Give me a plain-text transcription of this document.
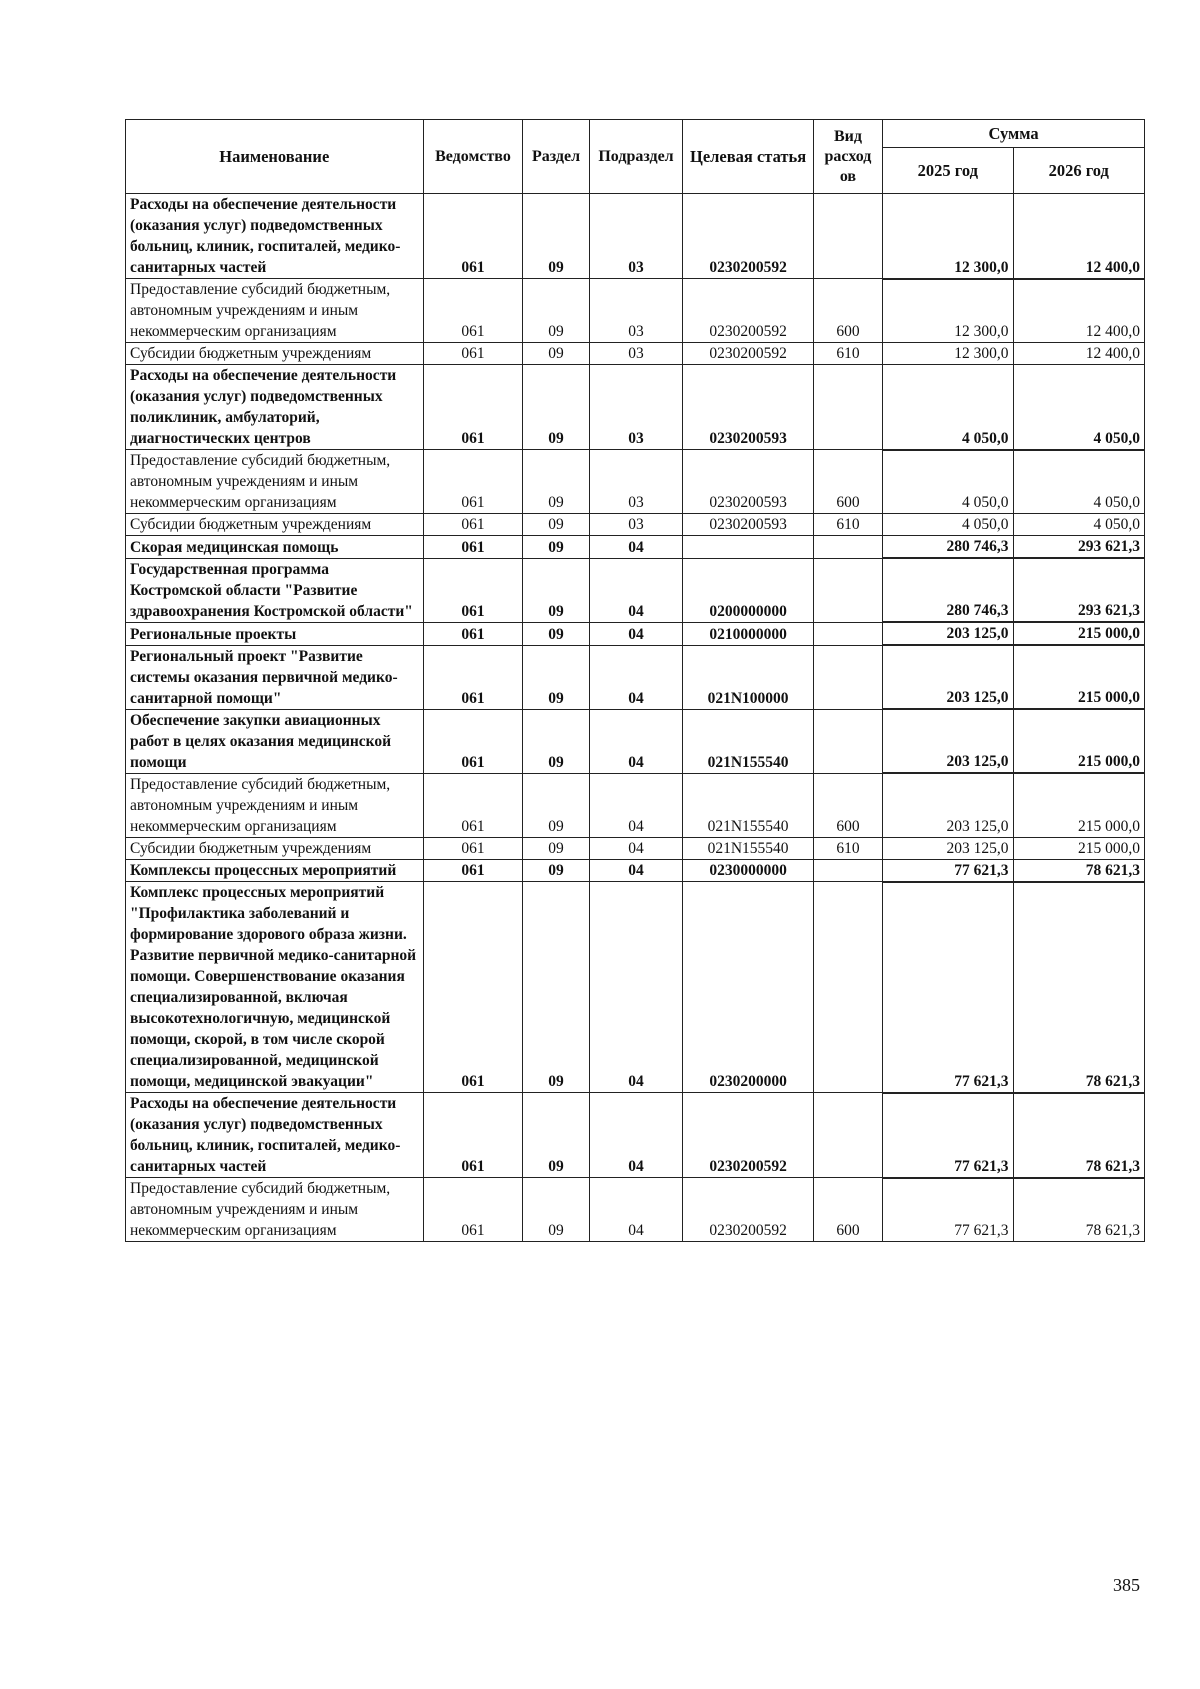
Наименование	Ведомство	Раздел	Подраздел	Целевая статья	Вид расход ов	Сумма	
						2025 год	2026 год
Расходы на обеспечение деятельности (оказания услуг) подведомственных больниц, клиник, госпиталей, медико-санитарных частей	061	09	03	0230200592		12 300,0	12 400,0
Предоставление субсидий бюджетным, автономным учреждениям и иным некоммерческим организациям	061	09	03	0230200592	600	12 300,0	12 400,0
Субсидии бюджетным учреждениям	061	09	03	0230200592	610	12 300,0	12 400,0
Расходы на обеспечение деятельности (оказания услуг) подведомственных поликлиник, амбулаторий, диагностических центров	061	09	03	0230200593		4 050,0	4 050,0
Предоставление субсидий бюджетным, автономным учреждениям и иным некоммерческим организациям	061	09	03	0230200593	600	4 050,0	4 050,0
Субсидии бюджетным учреждениям	061	09	03	0230200593	610	4 050,0	4 050,0
Скорая медицинская помощь	061	09	04			280 746,3	293 621,3
Государственная программа Костромской области "Развитие здравоохранения Костромской области"	061	09	04	0200000000		280 746,3	293 621,3
Региональные проекты	061	09	04	0210000000		203 125,0	215 000,0
Региональный проект "Развитие системы оказания первичной медико-санитарной помощи"	061	09	04	021N100000		203 125,0	215 000,0
Обеспечение закупки авиационных работ в целях оказания медицинской помощи	061	09	04	021N155540		203 125,0	215 000,0
Предоставление субсидий бюджетным, автономным учреждениям и иным некоммерческим организациям	061	09	04	021N155540	600	203 125,0	215 000,0
Субсидии бюджетным учреждениям	061	09	04	021N155540	610	203 125,0	215 000,0
Комплексы процессных мероприятий	061	09	04	0230000000		77 621,3	78 621,3
Комплекс процессных мероприятий "Профилактика заболеваний и формирование здорового образа жизни. Развитие первичной медико-санитарной помощи. Совершенствование оказания специализированной, включая высокотехнологичную, медицинской помощи, скорой, в том числе скорой специализированной, медицинской помощи, медицинской эвакуации"	061	09	04	0230200000		77 621,3	78 621,3
Расходы на обеспечение деятельности (оказания услуг) подведомственных больниц, клиник, госпиталей, медико-санитарных частей	061	09	04	0230200592		77 621,3	78 621,3
Предоставление субсидий бюджетным, автономным учреждениям и иным некоммерческим организациям	061	09	04	0230200592	600	77 621,3	78 621,3
385
